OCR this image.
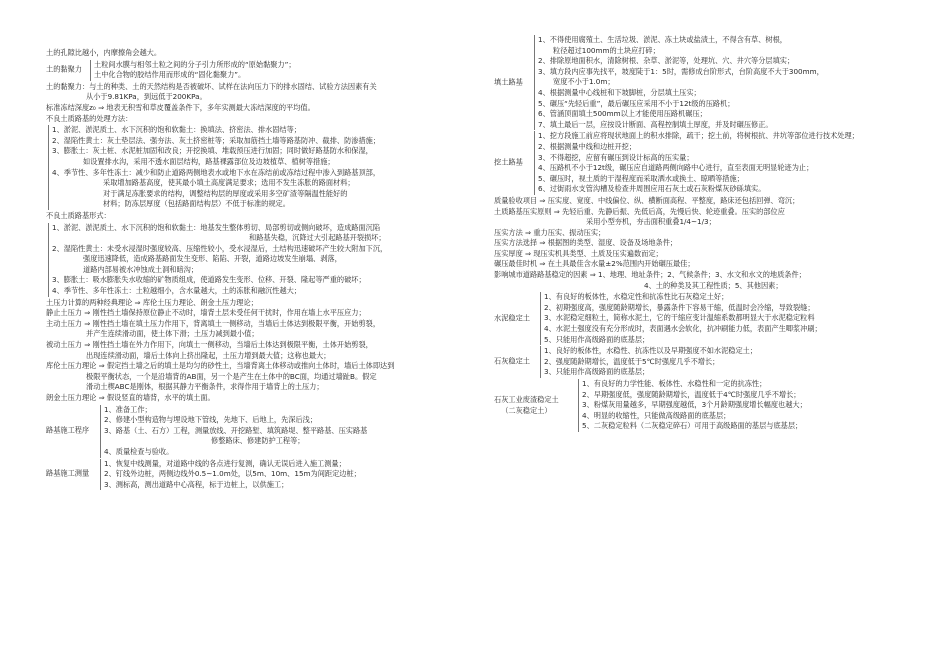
土的孔隙比越小，内摩擦角会越大。
土的黏聚力
土粒间水膜与相邻土粒之间的分子引力所形成的“原始黏聚力”；
土中化合物的胶结作用而形成的“固化黏聚力”。
土的黏聚力：与土的种类、土的天然结构是否被破坏、试样在法向压力下的排水固结、试验方法因素有关
从小于9.81KPa，到远低于200KPa。
标准冻结深度z₀ ⇒ 地表无积雪和草皮覆盖条件下，多年实测最大冻结深度的平均值。
不良土质路基的处理方法：
1、淤泥、淤泥质土、水下沉积的饱和软黏土：换填法、挤密法、排水固结等；
2、湿陷性黄土：灰土垫层法、强夯法、灰土挤密桩等；采取加筋挡土墙等路基防冲、截排、防渗措施；
3、膨胀土：灰土桩、水泥桩加固和改良；开挖换填、堆载预压进行加固；同时做好路基防水和保湿，
如设置排水沟，采用不透水面层结构，路基裸露部位及边坡植草、植树等措施；
4、季节性、多年性冻土：减少和防止道路两侧地表水或地下水在冻结前或冻结过程中渗入到路基顶部，
采取增加路基高度，使其最小填土高度满足要求；选用不发生冻胀的路面材料；
对于满足冻胀要求的结构，调整结构层的厚度或采用多空矿渣等隔温性能好的
材料；防冻层厚度（包括路面结构层）不低于标准的规定。
不良土质路基形式：
1、淤泥、淤泥质土、水下沉积的饱和软黏土：地基发生整体剪切、局部剪切或侧向破坏，造成路面沉陷
和路基失稳，沉降过大引起路基开裂损坏；
2、湿陷性黄土：未受水浸湿时强度较高、压缩性较小，受水浸湿后，土结构迅速破坏产生较大附加下沉，
强度迅速降低，造成路基路面发生变形、陷陷、开裂，道路边坡发生崩塌、剥落，
道路内部易被水冲蚀成土洞和暗沟；
3、膨胀土：吸水膨胀失水收缩的矿物质组成，使道路发生变形、位移、开裂、隆起等严重的破坏；
4、季节性、多年性冻土：土粒越细小，含水量越大，土的冻胀和融沉性越大；
土压力计算的两种经典理论 ⇒ 库伦土压力理论、朗金土压力理论；
静止土压力 ⇒ 刚性挡土墙保持原位静止不动时，墙背土层未受任何干扰时，作用在墙上水平压应力；
主动土压力 ⇒ 刚性挡土墙在填土压力作用下，背离填土一侧移动，当墙后土体达到极限平衡，开始剪裂，
并产生连续滑动面，使土体下滑；土压力减到最小值；
被动土压力 ⇒ 刚性挡土墙在外力作用下，向填土一侧移动，当墙后土体达到极限平衡，土体开始剪裂，
出现连续滑动面，墙后土体向上挤出隆起，土压力增到最大值；这称也最大；
库伦土压力理论 ⇒ 假定挡土墙之后的填土是均匀的砂性土，当墙背离土体移动或推向土体时，墙后土体即达到
极限平衡状态，一个是沿墙背的AB面，另一个是产生在土体中的BC面，均通过墙趾B。假定
滑动土楔ABC是刚体，根据其静力平衡条件，求得作用于墙背上的土压力；
朗金土压力理论 ⇒ 假设竖直的墙背，水平的填土面。
路基施工程序
1、准备工作；
2、修建小型构造物与埋设地下管线，先地下、后地上，先深后浅；
3、路基（土、石方）工程，测量放线、开挖路堑、填筑路堤、整平路基、压实路基
修整路床、修建防护工程等；
4、质量检查与验收。
路基施工测量
1、恢复中线测量，对道路中线的各点进行复测，确认无误后进入施工测量；
2、钉线外边桩，两侧边线外0.5~1.0m处，以5m、10m、15m为间距定边桩；
3、测标高，测出道路中心高程，标于边桩上，以供施工；
填土路基
1、不得使用腐殖土、生活垃圾、淤泥、冻土块或盐渍土，不得含有草、树根，
粒径超过100mm的土块应打碎；
2、排除原地面积水，清除树根、杂草、淤泥等，处理坑、穴、井穴等分层填实；
3、填方段内应事先找平，坡度陡于1：5时，需修成台阶形式，台阶高度不大于300mm，
宽度不小于1.0m；
4、根据测量中心线桩和下坡脚桩，分层填土压实；
5、碾压“先轻后重”，最后碾压应采用不小于12t级的压路机；
6、管涵顶面填土500mm以上才能使用压路机碾压；
7、填土最后一层，应按设计断面、高程控制填土厚度，并及时碾压修正。
挖土路基
1、挖方段施工前应将现状地面上的积水排除，疏干；挖土前，将树根抗、井坑等部位进行技术处理；
2、根据测量中线和边桩开挖；
3、不得超挖，应留有碾压到设计标高的压实量；
4、压路机不小于12t级，碾压应自道路两侧向路中心进行，直至表面无明显轮迹为止；
5、碾压时，视土质的干湿程度而采取洒水或换土、晾晒等措施；
6、过街雨水支管沟槽及检查井周围应用石灰土或石灰粉煤灰砂砾填实。
质量验收项目 ⇒ 压实度、宽度、中线偏位、纵、横断面高程、平整度，路床还包括回弹、弯沉；
土质路基压实原则 ⇒ 先轻后重、先静后振、先低后高，先慢后快、轮迹重叠。压实的部位应
采用小型夯机，夯击面积重叠1/4~1/3；
压实方法 ⇒ 重力压实、振动压实；
压实方法选择 ⇒ 根据图的类型、湿度、设备及场地条件；
压实厚度 ⇒ 现压实机具类型、土质及压实遍数而定；
碾压最佳时机 ⇒ 在土具最佳含水量±2%范围内开始碾压最佳；
影响城市道路路基稳定的因素 ⇒ 1、地理、地址条件；2、气候条件；3、水文和水文的地质条件；
4、土的种类及其工程性质；5、其他因素；
水泥稳定土
1、有良好的板体性，水稳定性和抗冻性比石灰稳定土好；
2、初期强度高，强度随龄期增长，暴露条件下容易干缩，低温时会冷缩，导致裂缝；
3、水泥稳定细粒土，简称水泥土，它的干缩应变计温缩系数都明显大于水泥稳定粒料
4、水泥土强度没有充分形成时，表面遇水会软化，抗冲刷能力低，表面产生唧浆冲刷；
5、只能用作高级路面的底基层；
石灰稳定土
1、良好的板体性，水稳性、抗冻性以及早期强度不如水泥稳定土；
2、强度随龄期增长，温度低于5℃时强度几乎不增长；
3、只能用作高级路面的底基层；
石灰工业废渣稳定土
（二灰稳定土）
1、有良好的力学性能、板体性、水稳性和一定的抗冻性；
2、早期强度低，强度随龄期增长，温度低于4℃时强度几乎不增长；
3、粉煤灰用量越多，早期强度越低，3个月龄期强度增长幅度也越大；
4、明显的收缩性，只能做高级路面的底基层；
5、二灰稳定粒料（二灰稳定碎石）可用于高级路面的基层与底基层；
